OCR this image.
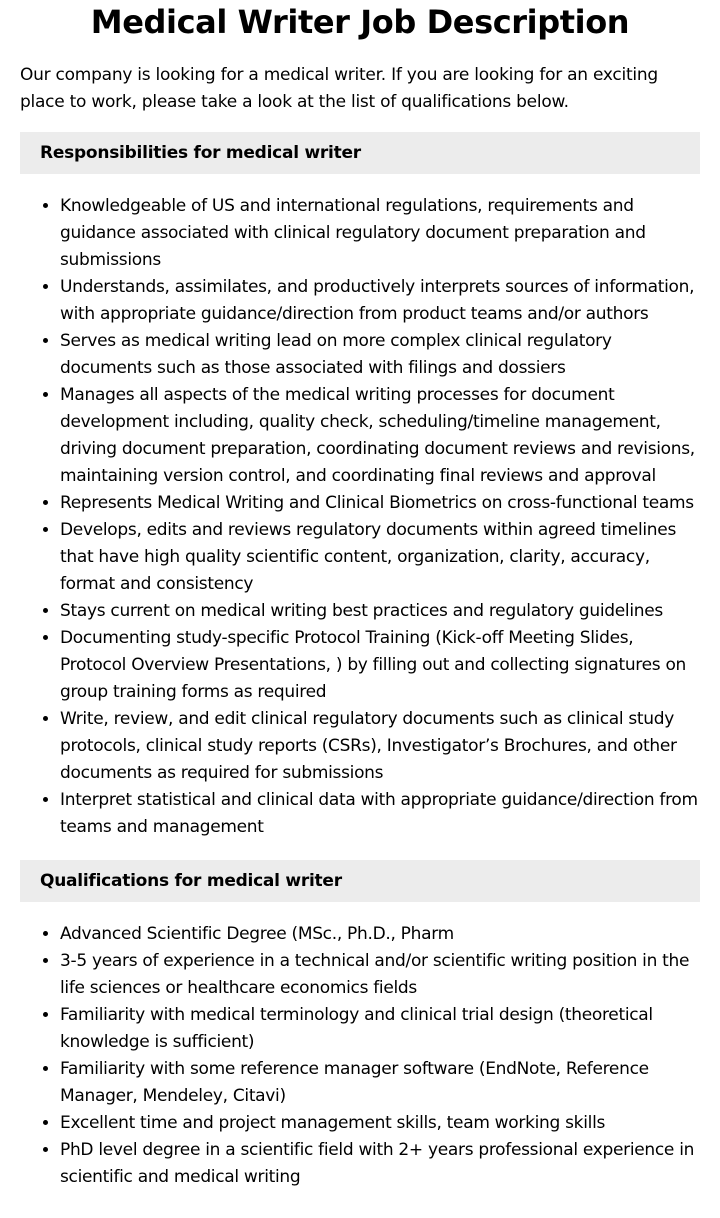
Medical Writer Job Description

Our company is looking for a medical writer. If you are looking for an exciting place to work, please take a look at the list of qualifications below.

Responsibilities for medical writer
• Knowledgeable of US and international regulations, requirements and guidance associated with clinical regulatory document preparation and submissions
• Understands, assimilates, and productively interprets sources of information, with appropriate guidance/direction from product teams and/or authors
• Serves as medical writing lead on more complex clinical regulatory documents such as those associated with filings and dossiers
• Manages all aspects of the medical writing processes for document development including, quality check, scheduling/timeline management, driving document preparation, coordinating document reviews and revisions, maintaining version control, and coordinating final reviews and approval
• Represents Medical Writing and Clinical Biometrics on cross-functional teams
• Develops, edits and reviews regulatory documents within agreed timelines that have high quality scientific content, organization, clarity, accuracy, format and consistency
• Stays current on medical writing best practices and regulatory guidelines
• Documenting study-specific Protocol Training (Kick-off Meeting Slides, Protocol Overview Presentations, ) by filling out and collecting signatures on group training forms as required
• Write, review, and edit clinical regulatory documents such as clinical study protocols, clinical study reports (CSRs), Investigator’s Brochures, and other documents as required for submissions
• Interpret statistical and clinical data with appropriate guidance/direction from teams and management
Qualifications for medical writer
• Advanced Scientific Degree (MSc., Ph.D., Pharm
• 3-5 years of experience in a technical and/or scientific writing position in the life sciences or healthcare economics fields
• Familiarity with medical terminology and clinical trial design (theoretical knowledge is sufficient)
• Familiarity with some reference manager software (EndNote, Reference Manager, Mendeley, Citavi)
• Excellent time and project management skills, team working skills
• PhD level degree in a scientific field with 2+ years professional experience in scientific and medical writing
